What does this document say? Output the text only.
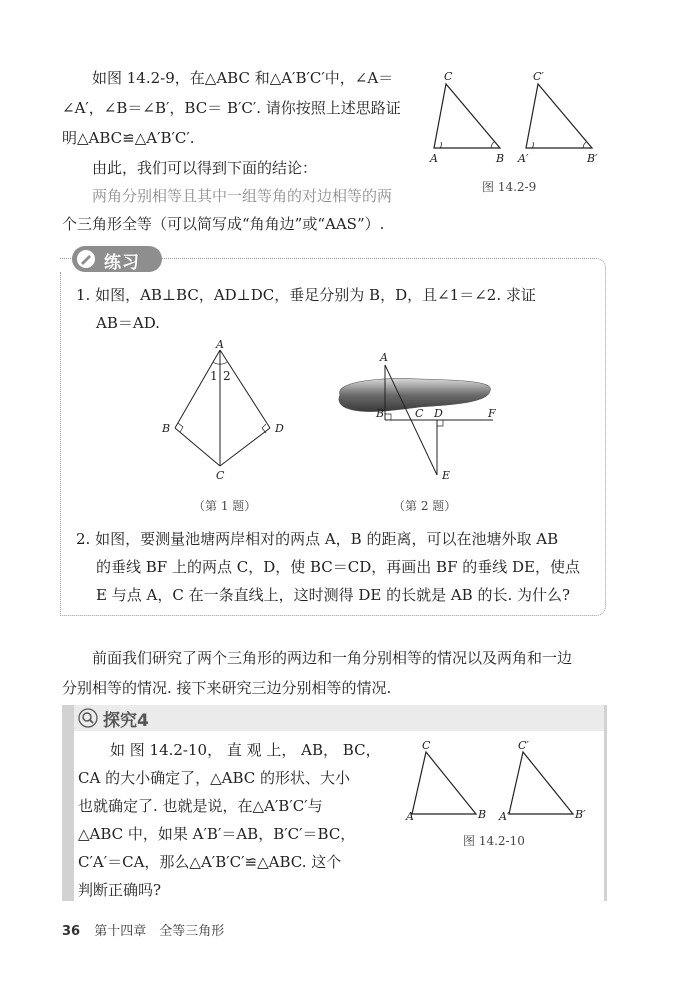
如图 14.2-9，在△ABC 和△A′B′C′中，∠A＝
∠A′，∠B＝∠B′，BC＝ B′C′. 请你按照上述思路证
明△ABC≌△A′B′C′.
由此，我们可以得到下面的结论：
两角分别相等且其中一组等角的对边相等的两
个三角形全等（可以简写成“角角边”或“AAS”）.
C
A	B
C′
A′	B′
图 14.2-9
练习
1. 如图，AB⊥BC，AD⊥DC，垂足分别为 B，D，且∠1＝∠2. 求证
AB＝AD.
A
1 2
B	D
C
（第 1 题）
A
B	C D	F
E
（第 2 题）
2. 如图，要测量池塘两岸相对的两点 A，B 的距离，可以在池塘外取 AB
的垂线 BF 上的两点 C，D，使 BC＝CD，再画出 BF 的垂线 DE，使点
E 与点 A，C 在一条直线上，这时测得 DE 的长就是 AB 的长. 为什么?
前面我们研究了两个三角形的两边和一角分别相等的情况以及两角和一边
分别相等的情况. 接下来研究三边分别相等的情况.
探究4
如 图 14.2-10， 直 观 上， AB， BC，
CA 的大小确定了，△ABC 的形状、大小
也就确定了. 也就是说，在△A′B′C′与
△ABC 中，如果 A′B′＝AB，B′C′＝BC，
C′A′＝CA，那么△A′B′C′≌△ABC. 这个
判断正确吗?
C
A	B
C′
A′	B′
图 14.2-10
36 第十四章　全等三角形
